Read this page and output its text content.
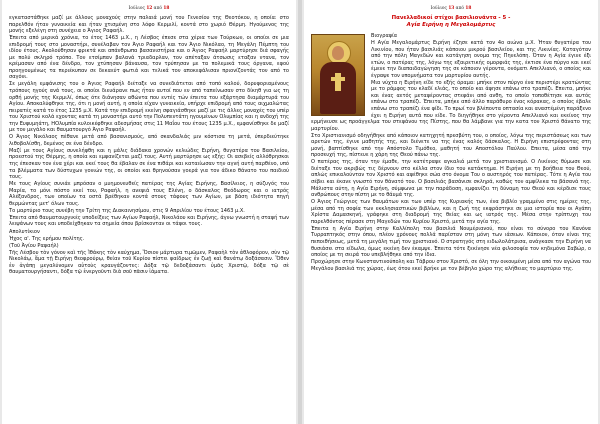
Ιούλιος 12 από 18

εγκαταστάθηκε μαζί με άλλους μοναχούς στην παλαιά μονή του Γενεσίου της Θεοτόκου, η οποία: στο παρελθόν ήταν γυναικεία και ήταν χτισμένη στο λόφο Κερμιλί, κοντά στο χωριό Θέρμη. Ηγούμενος της μονής εξελέγη στη συνέχεια ο Άγιος Ραφαήλ.

Έπειτα από μερικά χρόνια, το έτος 1463 μ.Χ., η Λέσβος έπεσε στα χέρια των Τούρκων, οι οποίοι σε μια επιδρομή τους στο μοναστήρι, συνέλαβαν τον Άγιο Ραφαήλ και τον Άγιο Νικόλαο, τη Μεγάλη Πέμπτη του ιδίου έτους. Ακολούθησαν φρικτά και απάνθρωπα βασανιστήρια και ο Άγιος Ραφαήλ μαρτύρησε διά σφαγής με πολύ σκληρό τρόπο. Τον ετσίμπαν βαλανά τριαδαρλαν, τον απέταξαν άτσωσις εταξαν ντανα, τον κρέμασαν από ένα δένδρο, τον χτύπησαν βάναυσα, τον τρύπησαν με τα πολεμικά τους όργανα, εφού προηγουμένως τα περιέκυπαν σε δεκαεύτ φωτιά και τελικά τον αποκεφάλισαν πριονίζοντάς τον από το σαγόνι.

Σε μεγάλη εμφάνισης του ο Άγιος Ραφαήλ διέταξε να συνεδιάτεται από τοπό καλού, δορυφοριαμένους τρόπους ηγούς ανά τους, οι οποίοι διευάρανε πως ήταν αυτοί που εν από ταπείνωσαν στο δίκηθ για ως τη ορθή μονής της Κερμιλί, όπως ότε διάνησαν αθώντα που εντές τών έπειτα του εξάρτησα διαμάρτυρά του Αγίου. Αποκαλύφθηκε της, ότι η μονή αυτή, η οποία είχαν γυναικεία, υπήρχε επιδρομή από τους αιχμαλώτας πειρατές κατά το έτος 1235 μ.Χ. Κατά την επιδρομή εκείνη σφαγιάσθηκε μαζί με τις άλλες μοναχές του υπέρ του Χριστού κολά εχοντας κατά τη μοναστήρι αυτό την Πολυπεντάτη ηγουμένων Ολυμπίας και η ανδοχή της την Ευφυμηάτη, ΗΟλυμπία κυλοικέφθηκε αδεσμήσας στις 11 Μαΐου του έτους 1235 μ.Χ., εμφανίσθηκε δε μαζί με τον μεγάλο και θαυματουργό Άγιο Ραφαήλ.

Ο Άγιος Νικόλαος πέθανε μετά από βασανισμούς, από σκανδαλιάς μιν κόστισα τη μετά, ύπερδιεύτηκε λιθοβολίσθη, δεμένος σε ένα δένδρο.

Μαζί με τους Αγίους συνελήφθη και η μάλις διάδακα χρονών κελιώδες Ειρήνη, θυγατέρα του Βασιλείου, προεστού της Θέρμης, η οποία και εμφανίζεται μαζί τους. Αυτή μαρτύρησε ως εξής: Οι ασεβείς αλλόθρησκοι της έπεσκαν τον ένα χέρι και εκεί τους θα έβαλαν σε ένα πιθάρι και καταιίωσαν την αγνή αυτή παρθένο, υπό τα βλέμματα των δύστυχων γονιών της, οι οποίοι και θρηνούσαν γοερά για τον άδικο θάνατο του παιδιού τους.

Με τους Αγίους συνιάε μπρόσαν ο μυημονευθείς πατέρας της Αγίας Ειρήνης, Βασίλειος, η σύζυγός του Μαρία, το μόνι πόστο εκεί του, Ραφαήλ, η ανεψιά τους Ελένη, ο δάσκαλος Θεόδωρος και ο ιατρός Αλέξανδρος, των οποίων τα οστά βρέθηκαν κοντά στους τάφους των Αγίων, με βάση ιδιότητα πηγή θερμώντας μετ' όλων τους.

Το μαρτύριο τους συνέβη την Τρίτη της Διακαινησίμου, στις 9 Απριλίου του έτους 1463 μ.Χ.

Έπειτα από θαυματουργικές υποδείξεις των Αγίων Ραφαήλ, Νικολάου και Ειρήνης, άγνω γνωστή η σταφή των λειψάνων τους και υποδείχθηκαν τα σημεία όπου βρίσκονταν οι τάφοι τους.

Απολυτίκιον

Ήχος α'. Της ερήμου πολίτης.

(Τοῦ Ἁγίου Ραφαήλ)

Τῆς Λέσβου τὸν γόνον καὶ τῆς Ἰθάκης τὸν καύχημα, Ὅσιον μάρτυρα τιμῶμεν, Ραφαὴλ τὸν ἀθλοφόρον, σὺν τῷ Νικολάῳ, ἅμα τῇ Ειρήνῃ θεοφρούρῳ, θείαν τοῦ Κυρίου πίστει φαίδρως ἐν ζωῇ καὶ θανάτῳ δοξάσασιν. Ὅθεν ἐν ἀγάπῃ μεγαλύνομεν αὐτοὺς κραυγάζοντες: Δόξα τῷ δεδοξάσαντι ὑμᾶς Χριστῷ, δόξα τῷ σὲ θαυματουργήσαντι, δόξα τῷ ἐνεργοῦντι διὰ σοῦ πᾶσιν ἰάματα.

Ιούλιος 13 από 18

Πανελλαδικοί στίχοι βασιλιονάντα - 5 -

Αγία Ειρήνη η Μεγαλομάρτυς

Βιογραφία

Η Αγία Μεγαλομάρτυς Ειρήνη έζησε κατά τον 4ο αιώνα μ.Χ. Ήταν θυγατέρα του Λικινίου, που ήταν βασιλιάς κάποιου μικρού βασιλείου, και της Λικινίας. Καταγόταν από την πόλη Μαγεδών και κατάγηση ονομα της Πηνελόπη. Όταν η Αγία έγινε έξι ετών, ο πατέρας της, λόγω της εξαιρετικής ομορφιάς της, έκτισε ένα πύργο και εκεί έμενε την διαπαιδαγώγηση της σε κάποιον γέροντα, ονόματι Απελλιανό, ο οποίος και έγραψε τον υπομνήματα τον μαρτυρίου αυτής.

Μια νύχτα η Ειρήνη είδε το εξής όραμα: μπήκε στον πύργο ένα περιστέρι κρατώντας με το ράμφος του κλαδί ελιάς, το οποίο και άφησε επάνω στο τραπέζι. Επειτα, μπήκε και ένας αετός μεταφέροντας στεφάνι από ανθη, το οποίο τοποθέτησε και αυτός επάνω στο τραπέζι. Έπειτα, μπήκε από άλλο παράθυρο ένας κόρακας, ο οποίος έβαλε επάνω στο τραπέζι ένα φίδι. Το πρωί τον βλέποντα οπτασία και αναστέμένη παράξενο έχει η Ειρήνη αυτά που είδε. Το διηγήθηκε στο γέροντα Απελλιανό και εκείνος την ερμήνευσε ως προάγγελμα του στεφάνου της Πίστης, που θα λάμβανε για την κατα τον Χριστό θάνατο της μαρτυρίου.

Στο Χριστιανισμό οδηγήθηκε από κάποιον κατηχητή πρεσβύτη του, ο οποίος, λόγω της περιστάσεως και των αρετών της, έγινε μαθητής της, και διένετε να της ένας καλός δάσκαλος. Η Ειρήνη επιστρέφοντας στη μονή, βαπτίσθηκε από την Απόστολο Τιμόθεο, μαθητή του Αποστόλου Παύλου. Επειτα, μέσα από την προσευχή της, πίστευε η χάρη της Θεού πάνω της.

Ο πατέρας της, όταν την έμαθε, την κατέτραψε αγκαλιά μετά τον χριστιανισμό. Ο Λικίνιος θύμωσε και διέταξε τον ακριβώς τις δέρνουν στο κέλλα στον ίδιο του κατάκτημα. Η Ειρήνη με τη βοήθεια του Θεού, απλώς επικαλούνταν τον Χριστό και αφέθηκε σώα στο όνομα Του ο αυστηρός του πατέρας. Τότε η Αγία του σέβει και έκανε γνωστό τον θάνατό του. Ο βασιλιάς βασάνισε σκληρά, καθώς τον αμφίλεκα τα βάσανά της. Μάλιστα αύτη, η Αγία Ειρήνη, σύμφωνα με την παράδοση, εμφανίζει τη δύναμη του Θεού και κέρδισε τους ανθρώπους στην πίστη με το θάυμά της.

Ο Άγιος Γεώργιος των θαυμάτων και των υπέρ της Κυριακής των, ένα βιβλίο γραμμένο στις ημέρες της, μέσα από τη σοφία των εκκλησιαστικών βιβλίων, και η ζωή της εκφράστηκε σε μια ιστορία που οι Αγάπη Χρίστα Δαμασκηνή, γράφηκε στη διαδρομή της θείας και ως ιατρός της. Μέσα στην τρίπτυχη του παρελθόντος πέρασε στη Μαγεδών του Κυρίου Χριστό, μετά την αγία της.

Έπειτα η Αγία Ειρήνη στην Καλλίπολη του βασιλιά Νουμέριανού, που είναι το σύνορο του Κανόνα Τυρραπτηκός στην όπου, πλέον χρόνους πολλά παρίσταν στη μόνη των ιάσεων. Κάποιον, όταν είναι της πεποιθήσεως, μετά τη μεγάλη τιμή τον χριστιανό. Ο στρατηγός στη ειδωλολάτρισα, ανάγκασε την Ειρήνη να θυσιάσει στα είδωλα, όμως εκείνη δεν έκαμψε. Έπειτα τότε ξεκίνησε νέα φιλοσοφία τον κηδεμόνα Σαβώρ, ο οποίος με τη σειρά του υπεβλήθηκε από την ίδια.

Προχώρησε στην Κωνσταντινούπολη και Τάβρου στον Χριστό, σε όλη την οικουμένη μέσα από τον αγώνα του Μεγάλου βασιλιά της χώρας, έως ότου εκεί βρήκε με τον βέβηλο χώρο της αλήθειας το μαρτύριο της.
